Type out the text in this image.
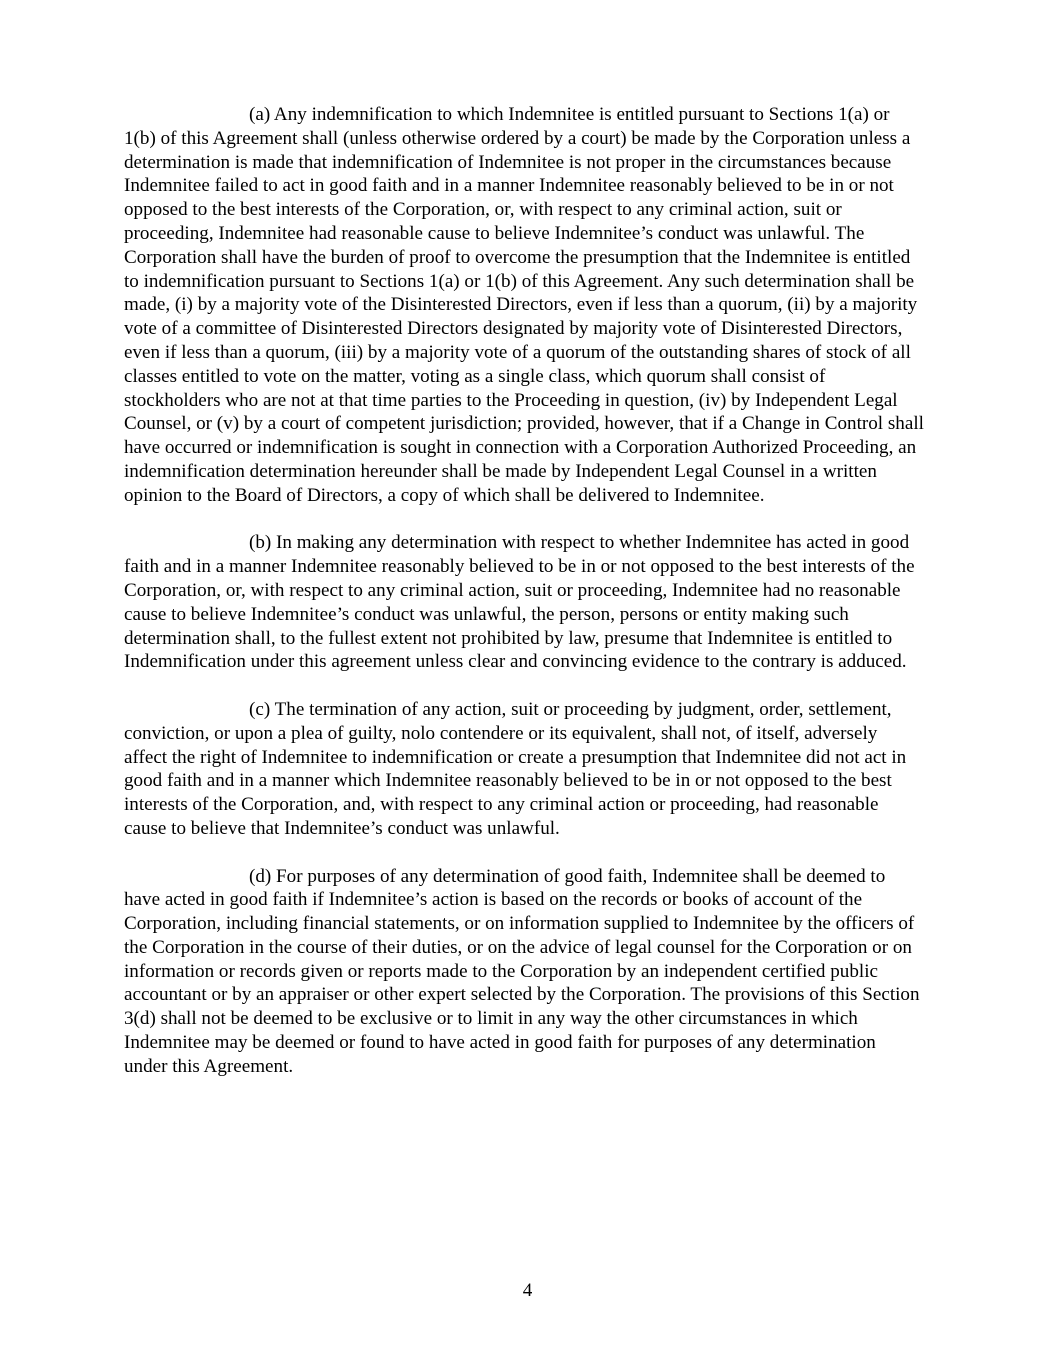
(a) Any indemnification to which Indemnitee is entitled pursuant to Sections 1(a) or 1(b) of this Agreement shall (unless otherwise ordered by a court) be made by the Corporation unless a determination is made that indemnification of Indemnitee is not proper in the circumstances because Indemnitee failed to act in good faith and in a manner Indemnitee reasonably believed to be in or not opposed to the best interests of the Corporation, or, with respect to any criminal action, suit or proceeding, Indemnitee had reasonable cause to believe Indemnitee’s conduct was unlawful. The Corporation shall have the burden of proof to overcome the presumption that the Indemnitee is entitled to indemnification pursuant to Sections 1(a) or 1(b) of this Agreement. Any such determination shall be made, (i) by a majority vote of the Disinterested Directors, even if less than a quorum, (ii) by a majority vote of a committee of Disinterested Directors designated by majority vote of Disinterested Directors, even if less than a quorum, (iii) by a majority vote of a quorum of the outstanding shares of stock of all classes entitled to vote on the matter, voting as a single class, which quorum shall consist of stockholders who are not at that time parties to the Proceeding in question, (iv) by Independent Legal Counsel, or (v) by a court of competent jurisdiction; provided, however, that if a Change in Control shall have occurred or indemnification is sought in connection with a Corporation Authorized Proceeding, an indemnification determination hereunder shall be made by Independent Legal Counsel in a written opinion to the Board of Directors, a copy of which shall be delivered to Indemnitee.

(b) In making any determination with respect to whether Indemnitee has acted in good faith and in a manner Indemnitee reasonably believed to be in or not opposed to the best interests of the Corporation, or, with respect to any criminal action, suit or proceeding, Indemnitee had no reasonable cause to believe Indemnitee’s conduct was unlawful, the person, persons or entity making such determination shall, to the fullest extent not prohibited by law, presume that Indemnitee is entitled to Indemnification under this agreement unless clear and convincing evidence to the contrary is adduced.

(c) The termination of any action, suit or proceeding by judgment, order, settlement, conviction, or upon a plea of guilty, nolo contendere or its equivalent, shall not, of itself, adversely affect the right of Indemnitee to indemnification or create a presumption that Indemnitee did not act in good faith and in a manner which Indemnitee reasonably believed to be in or not opposed to the best interests of the Corporation, and, with respect to any criminal action or proceeding, had reasonable cause to believe that Indemnitee’s conduct was unlawful.

(d) For purposes of any determination of good faith, Indemnitee shall be deemed to have acted in good faith if Indemnitee’s action is based on the records or books of account of the Corporation, including financial statements, or on information supplied to Indemnitee by the officers of the Corporation in the course of their duties, or on the advice of legal counsel for the Corporation or on information or records given or reports made to the Corporation by an independent certified public accountant or by an appraiser or other expert selected by the Corporation. The provisions of this Section 3(d) shall not be deemed to be exclusive or to limit in any way the other circumstances in which Indemnitee may be deemed or found to have acted in good faith for purposes of any determination under this Agreement.

4
